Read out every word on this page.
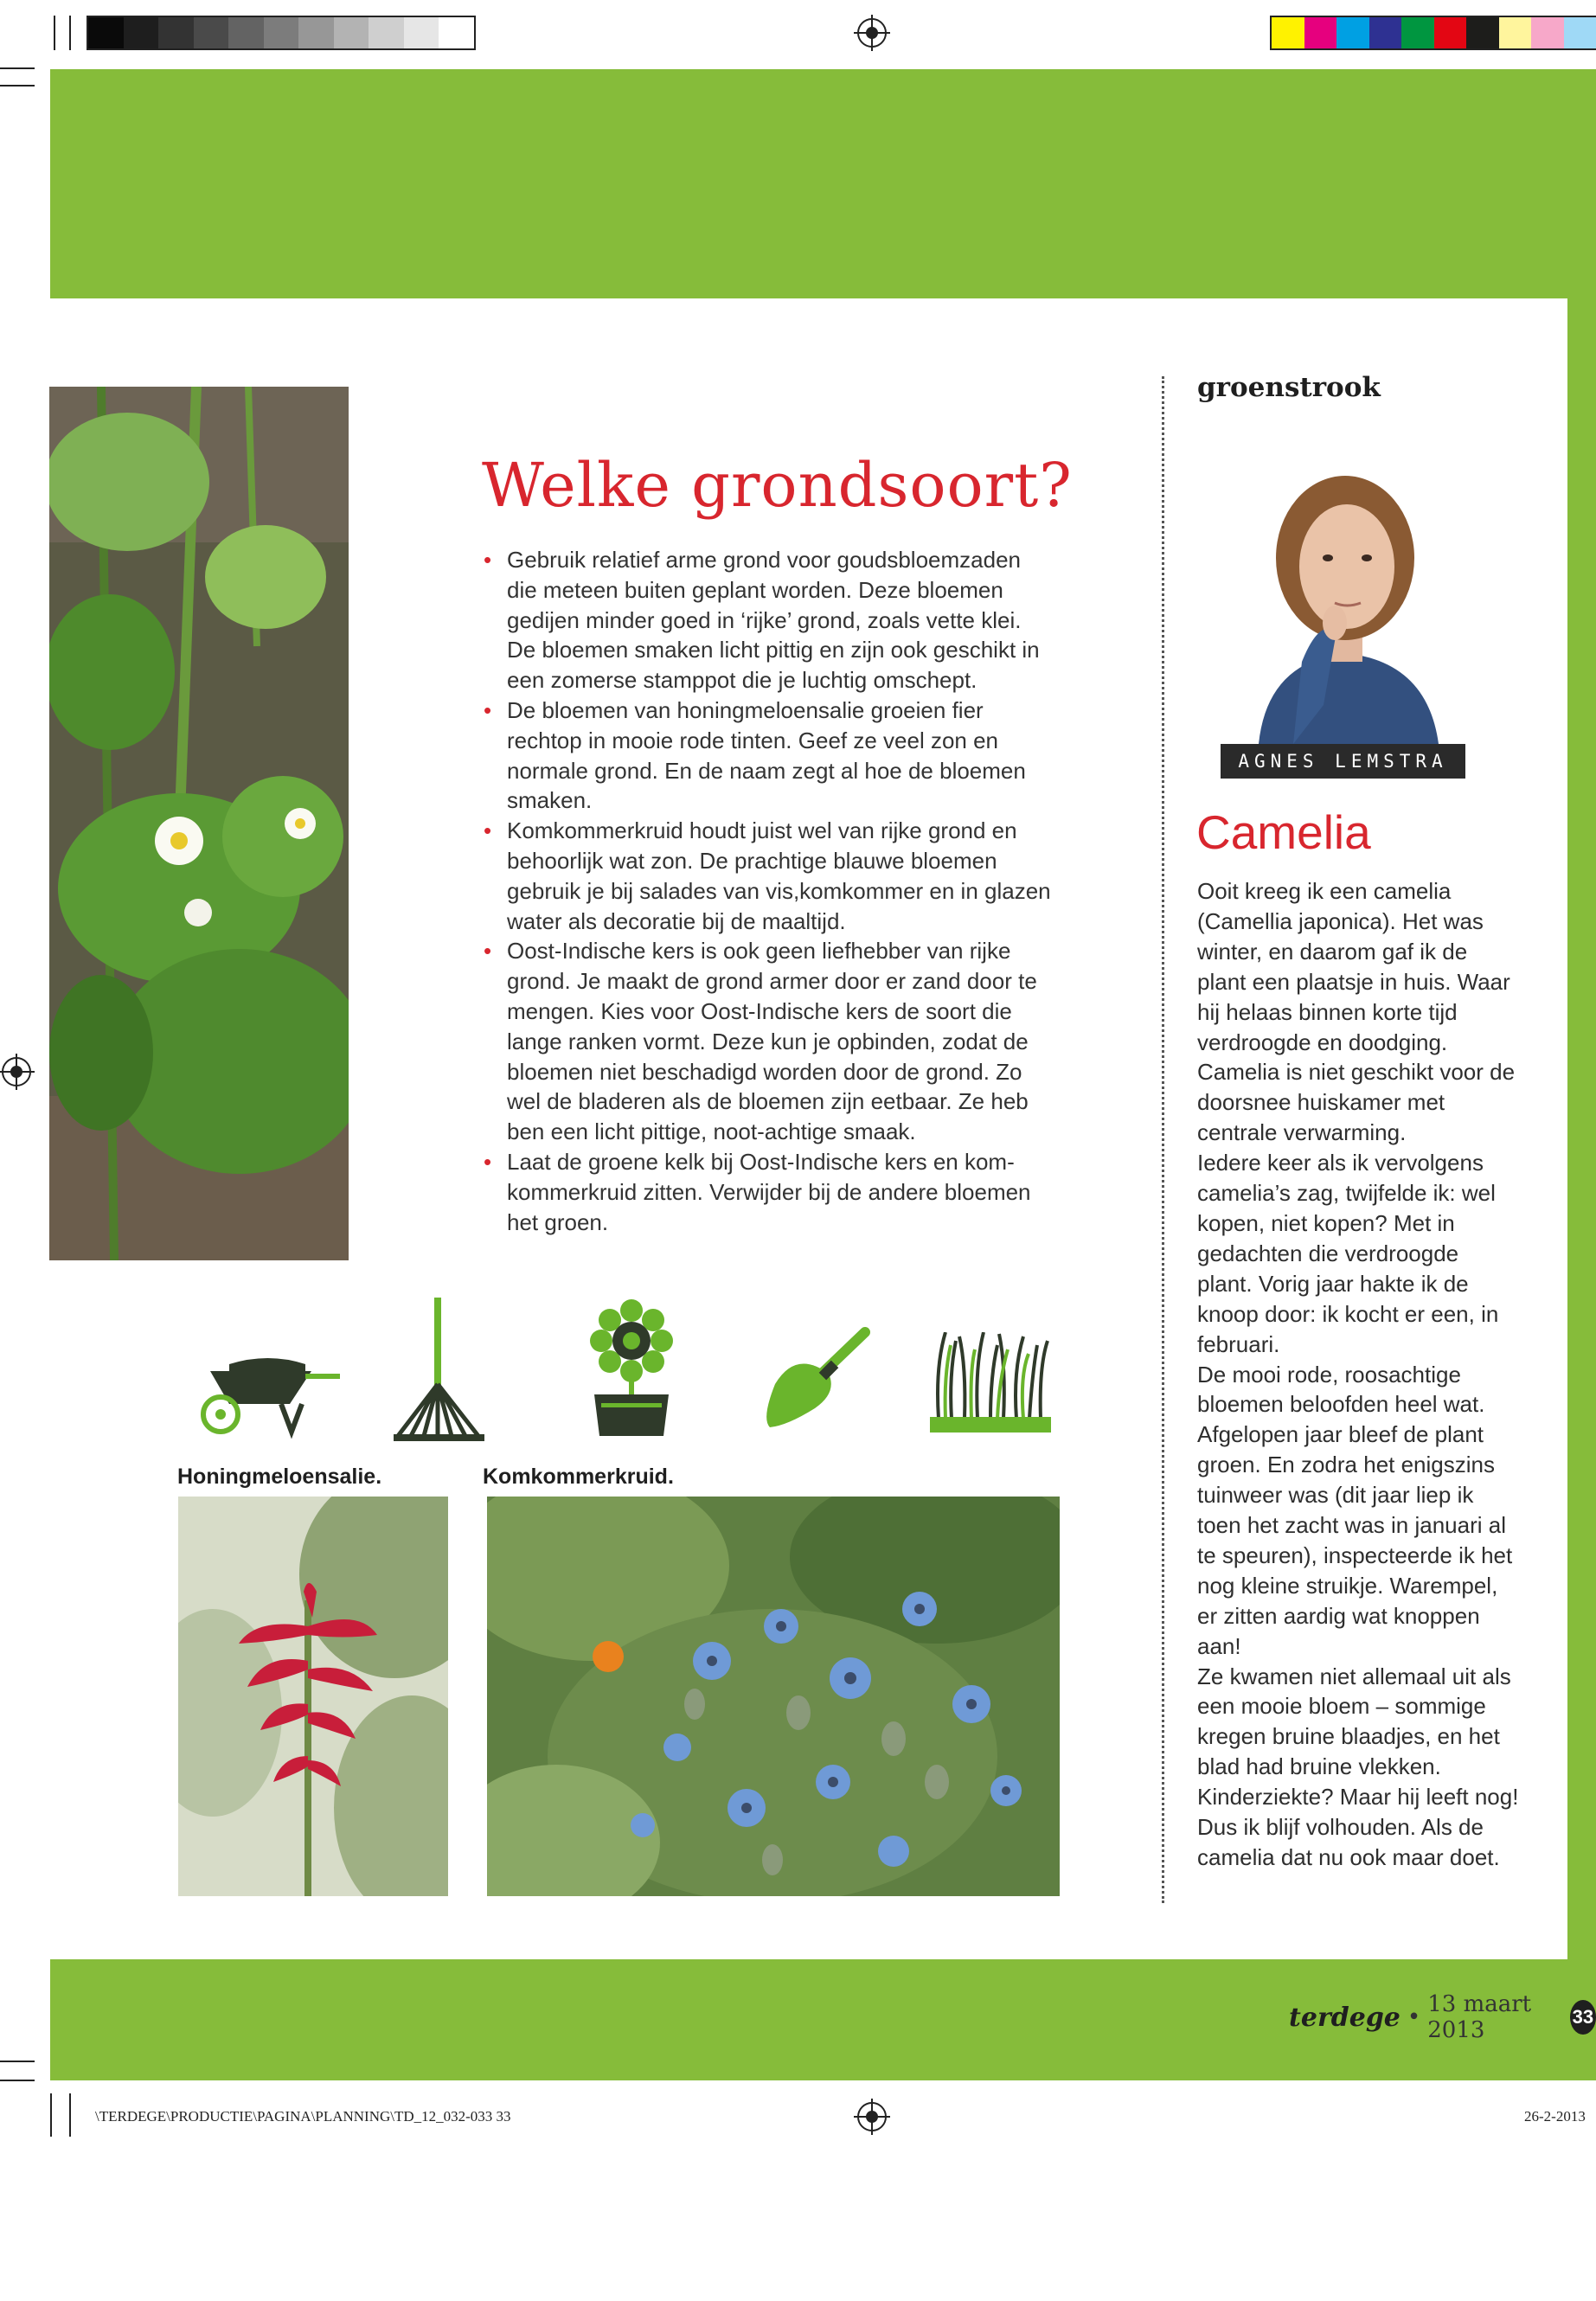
Welke grondsoort?
• Gebruik relatief arme grond voor goudsbloemzaden die meteen buiten geplant worden. Deze bloemen gedijen minder goed in ‘rijke’ grond, zoals vette klei. De bloemen smaken licht pittig en zijn ook geschikt in een zomerse stamppot die je luchtig omschept.
• De bloemen van honingmeloensalie groeien fier rechtop in mooie rode tinten. Geef ze veel zon en normale grond. En de naam zegt al hoe de bloemen smaken.
• Komkommerkruid houdt juist wel van rijke grond en behoorlijk wat zon. De prachtige blauwe bloemen gebruik je bij salades van vis,komkommer en in glazen water als decoratie bij de maaltijd.
• Oost-Indische kers is ook geen liefhebber van rijke grond. Je maakt de grond armer door er zand door te mengen. Kies voor Oost-Indische kers de soort die lange ranken vormt. Deze kun je opbinden, zodat de bloemen niet beschadigd worden door de grond. Zo wel de bladeren als de bloemen zijn eetbaar. Ze heb ben een licht pittige, noot-achtige smaak.
• Laat de groene kelk bij Oost-Indische kers en kom- kommerkruid zitten. Verwijder bij de andere bloemen het groen.
Honingmeloensalie.	Komkommerkruid.
groenstrook
AGNES LEMSTRA
Camelia
Ooit kreeg ik een camelia (Camellia japonica). Het was winter, en daarom gaf ik de plant een plaatsje in huis. Waar hij helaas binnen korte tijd verdroogde en doodging. Camelia is niet geschikt voor de doorsnee huiskamer met centrale verwarming.
Iedere keer als ik vervolgens camelia’s zag, twijfelde ik: wel kopen, niet kopen? Met in gedachten die verdroogde plant. Vorig jaar hakte ik de knoop door: ik kocht er een, in februari.
De mooi rode, roosachtige bloemen beloofden heel wat. Afgelopen jaar bleef de plant groen. En zodra het enigszins tuinweer was (dit jaar liep ik toen het zacht was in januari al te speuren), inspecteerde ik het nog kleine struikje. Warempel, er zitten aardig wat knoppen aan!
Ze kwamen niet allemaal uit als een mooie bloem – sommige kregen bruine blaadjes, en het blad had bruine vlekken. Kinderziekte? Maar hij leeft nog! Dus ik blijf volhouden. Als de camelia dat nu ook maar doet.
terdege • 13 maart 2013
33
\TERDEGE\PRODUCTIE\PAGINA\PLANNING\TD_12_032-033 33	26-2-2013
